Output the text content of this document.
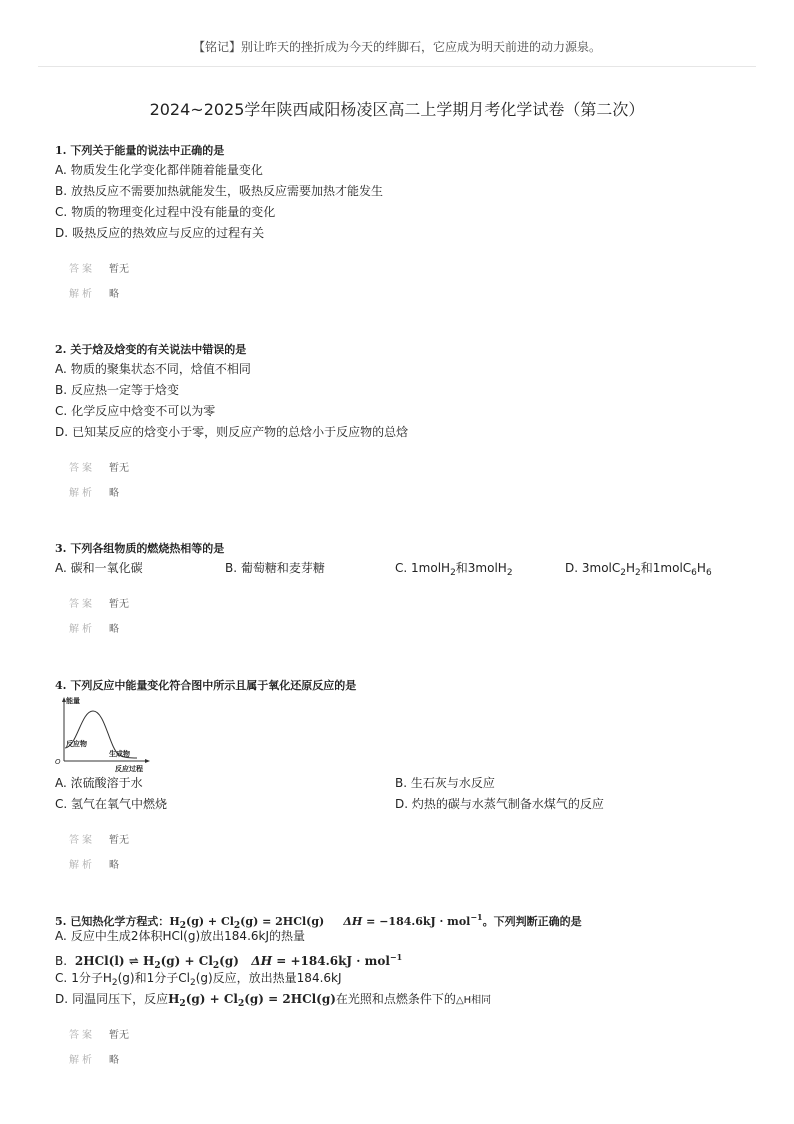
【铭记】别让昨天的挫折成为今天的绊脚石，它应成为明天前进的动力源泉。
2024~2025学年陕西咸阳杨凌区高二上学期月考化学试卷（第二次）
1. 下列关于能量的说法中正确的是
A. 物质发生化学变化都伴随着能量变化
B. 放热反应不需要加热就能发生，吸热反应需要加热才能发生
C. 物质的物理变化过程中没有能量的变化
D. 吸热反应的热效应与反应的过程有关
答案 暂无
解析 略
2. 关于焓及焓变的有关说法中错误的是
A. 物质的聚集状态不同，焓值不相同
B. 反应热一定等于焓变
C. 化学反应中焓变不可以为零
D. 已知某反应的焓变小于零，则反应产物的总焓小于反应物的总焓
答案 暂无
解析 略
3. 下列各组物质的燃烧热相等的是
A. 碳和一氧化碳	B. 葡萄糖和麦芽糖	C. 1molH$_2$和3molH$_2$	D. $3molC_2H_2$和$1molC_6H_6$
答案 暂无
解析 略
4. 下列反应中能量变化符合图中所示且属于氧化还原反应的是
能量
O
反应物
生成物
反应过程
A. 浓硫酸溶于水	B. 生石灰与水反应
C. 氢气在氧气中燃烧	D. 灼热的碳与水蒸气制备水煤气的反应
答案 暂无
解析 略
5. 已知热化学方程式：$H_2(g) + Cl_2(g) = 2HCl(g)$     ΔH = −184.6kJ · mol$^{-1}$。下列判断正确的是
A. 反应中生成2体积HCl(g)放出184.6kJ的热量
B. 2HCl(l) ⇌ $H_2(g) + Cl_2(g) \Delta H = +184.6kJ \cdot mol^{-1}$
C. 1分子$H_2(g)$和1分子$Cl_2(g)$反应，放出热量184.6kJ
D. 同温同压下，反应$H_2(g) + Cl_2(g) = 2HCl(g)$在光照和点燃条件下的△H相同
答案 暂无
解析 略
